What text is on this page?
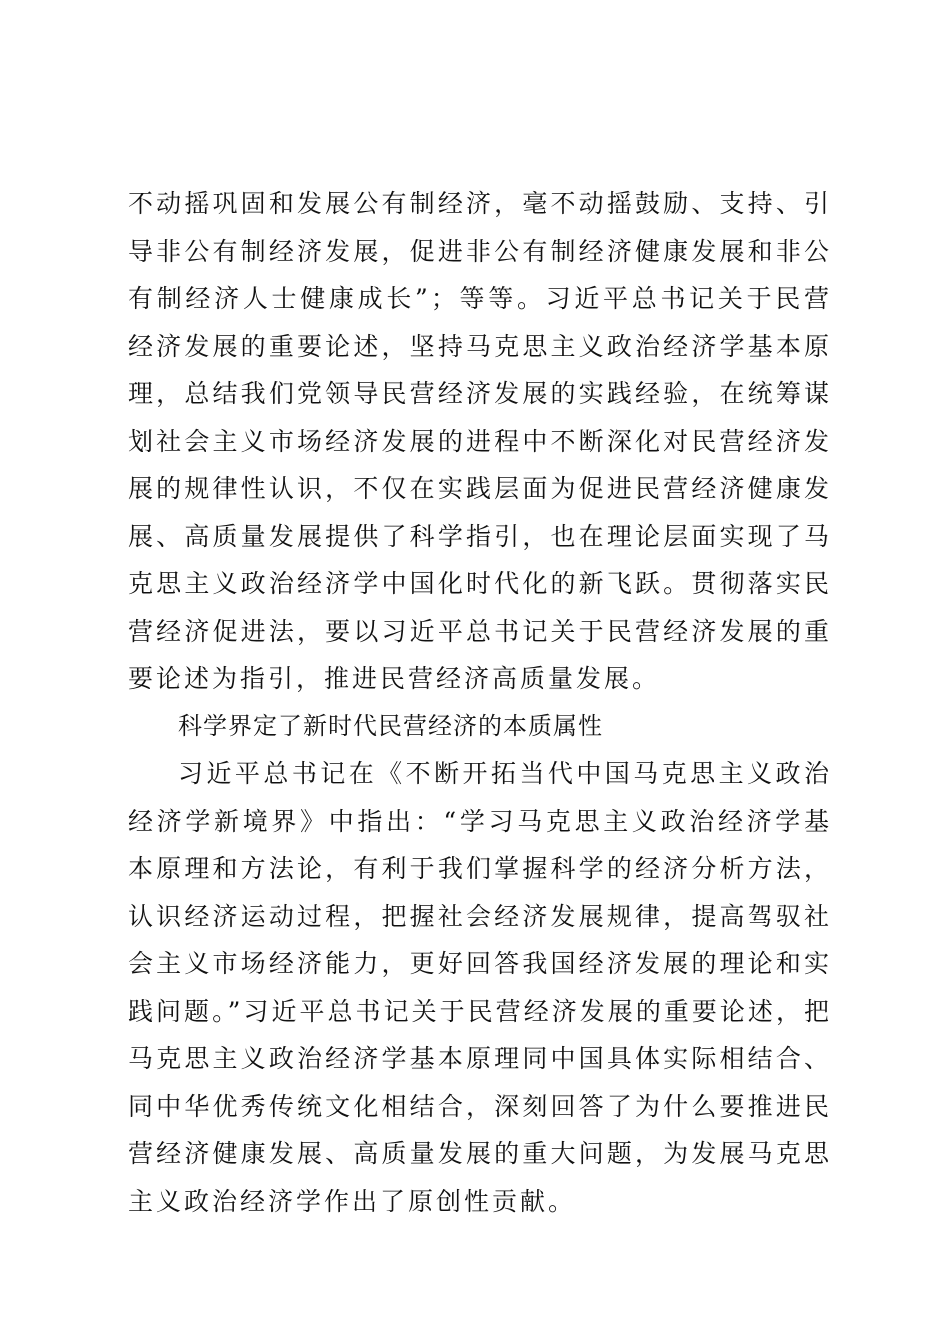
不动摇巩固和发展公有制经济，毫不动摇鼓励、支持、引导非公有制经济发展，促进非公有制经济健康发展和非公有制经济人士健康成长”；等等。习近平总书记关于民营经济发展的重要论述，坚持马克思主义政治经济学基本原理，总结我们党领导民营经济发展的实践经验，在统筹谋划社会主义市场经济发展的进程中不断深化对民营经济发展的规律性认识，不仅在实践层面为促进民营经济健康发展、高质量发展提供了科学指引，也在理论层面实现了马克思主义政治经济学中国化时代化的新飞跃。贯彻落实民营经济促进法，要以习近平总书记关于民营经济发展的重要论述为指引，推进民营经济高质量发展。

科学界定了新时代民营经济的本质属性

习近平总书记在《不断开拓当代中国马克思主义政治经济学新境界》中指出：“学习马克思主义政治经济学基本原理和方法论，有利于我们掌握科学的经济分析方法，认识经济运动过程，把握社会经济发展规律，提高驾驭社会主义市场经济能力，更好回答我国经济发展的理论和实践问题。”习近平总书记关于民营经济发展的重要论述，把马克思主义政治经济学基本原理同中国具体实际相结合、同中华优秀传统文化相结合，深刻回答了为什么要推进民营经济健康发展、高质量发展的重大问题，为发展马克思主义政治经济学作出了原创性贡献。
